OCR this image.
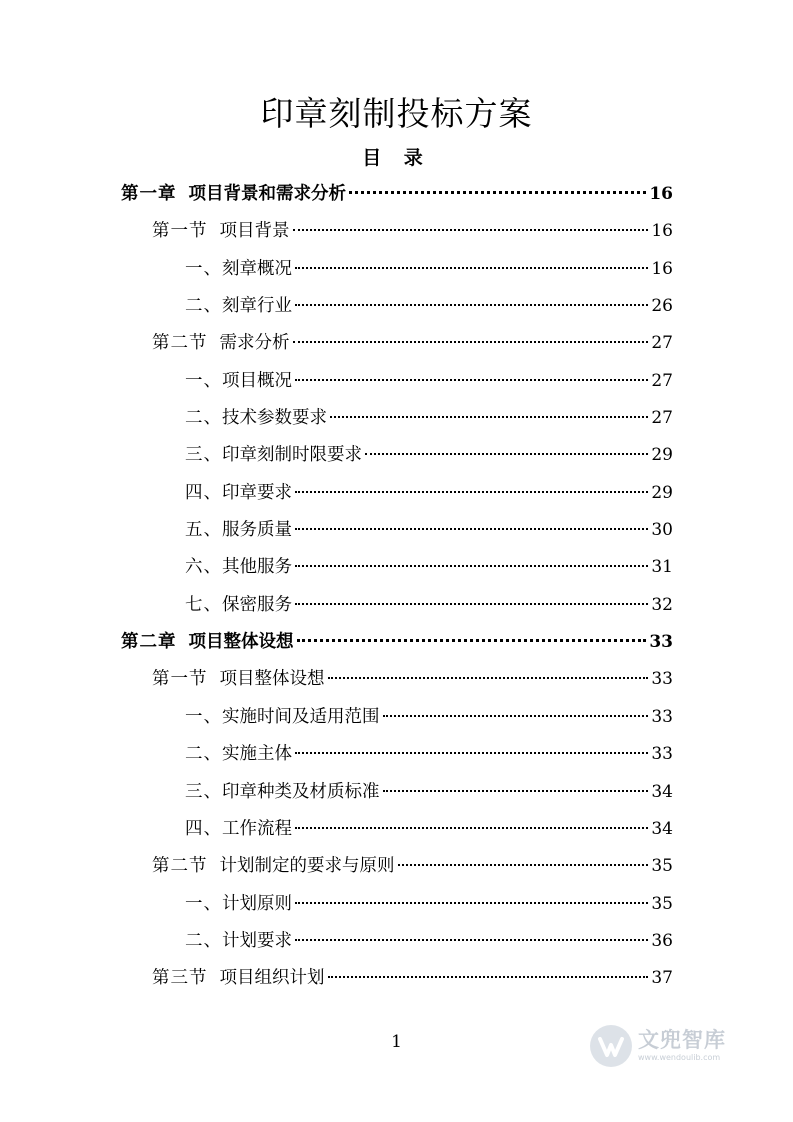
印章刻制投标方案
目 录
第一章 项目背景和需求分析	16
第一节 项目背景	16
一、刻章概况	16
二、刻章行业	26
第二节 需求分析	27
一、项目概况	27
二、技术参数要求	27
三、印章刻制时限要求	29
四、印章要求	29
五、服务质量	30
六、其他服务	31
七、保密服务	32
第二章 项目整体设想	33
第一节 项目整体设想	33
一、实施时间及适用范围	33
二、实施主体	33
三、印章种类及材质标准	34
四、工作流程	34
第二节 计划制定的要求与原则	35
一、计划原则	35
二、计划要求	36
第三节 项目组织计划	37
1	文兜智库
www.wendoulib.com
